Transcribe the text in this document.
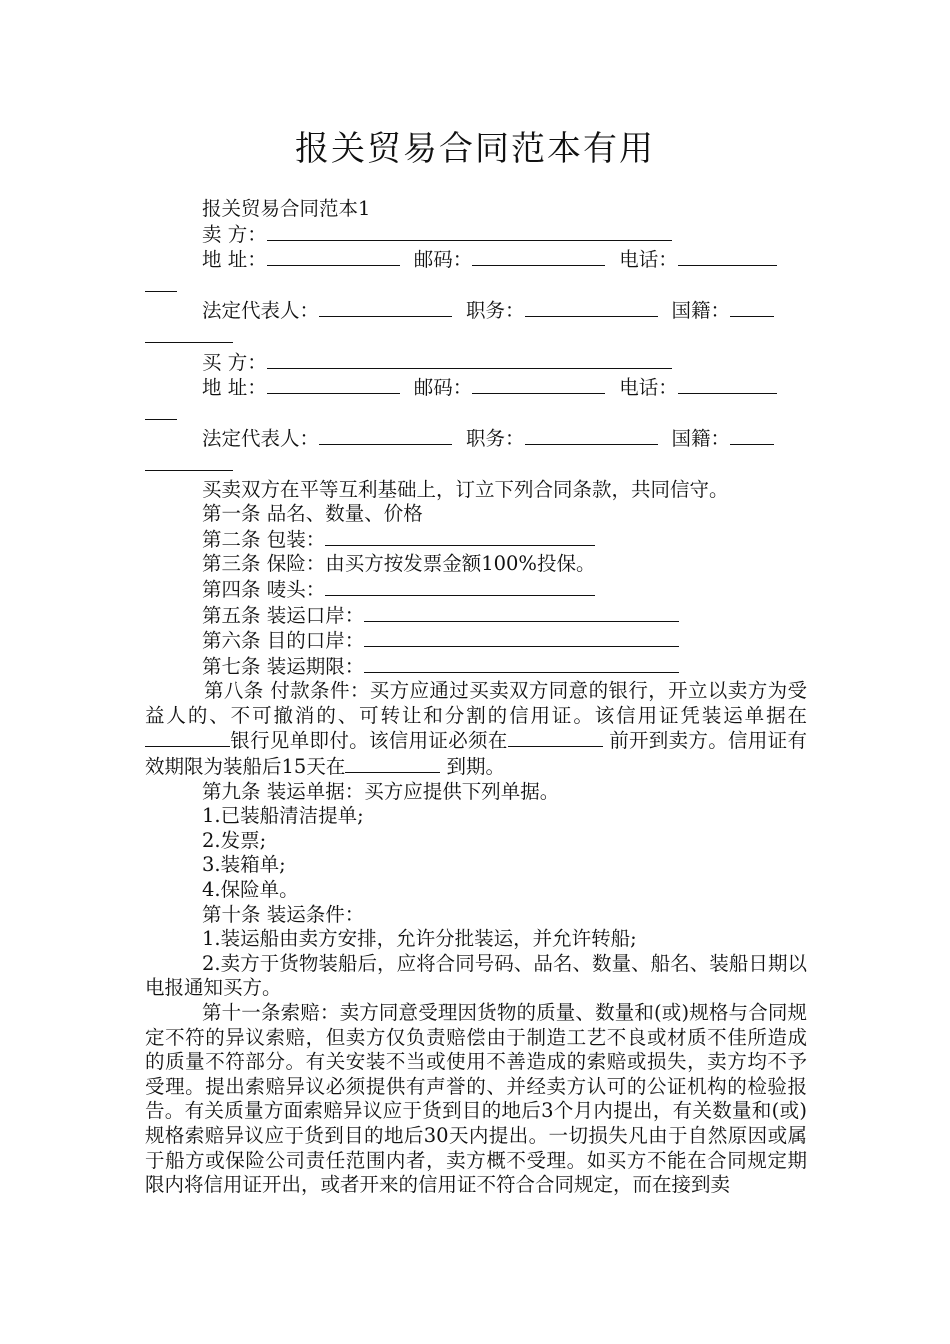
报关贸易合同范本有用
报关贸易合同范本1
卖 方：
地 址：	邮码：	电话：
法定代表人：	职务：	国籍：
买 方：
地 址：	邮码：	电话：
法定代表人：	职务：	国籍：
买卖双方在平等互利基础上，订立下列合同条款，共同信守。
第一条 品名、数量、价格
第二条 包装：
第三条 保险：由买方按发票金额100%投保。
第四条 唛头：
第五条 装运口岸：
第六条 目的口岸：
第七条 装运期限：
第八条 付款条件：买方应通过买卖双方同意的银行，开立以卖方为受益人的、不可撤消的、可转让和分割的信用证。该信用证凭装运单据在银行见单即付。该信用证必须在	前开到卖方。信用证有效期限为装船后15天在	到期。
第九条 装运单据：买方应提供下列单据。
1.已装船清洁提单;
2.发票;
3.装箱单;
4.保险单。
第十条 装运条件：
1.装运船由卖方安排，允许分批装运，并允许转船;
2.卖方于货物装船后，应将合同号码、品名、数量、船名、装船日期以电报通知买方。
第十一条索赔：卖方同意受理因货物的质量、数量和(或)规格与合同规定不符的异议索赔，但卖方仅负责赔偿由于制造工艺不良或材质不佳所造成的质量不符部分。有关安装不当或使用不善造成的索赔或损失，卖方均不予受理。提出索赔异议必须提供有声誉的、并经卖方认可的公证机构的检验报告。有关质量方面索赔异议应于货到目的地后3个月内提出，有关数量和(或)规格索赔异议应于货到目的地后30天内提出。一切损失凡由于自然原因或属于船方或保险公司责任范围内者，卖方概不受理。如买方不能在合同规定期限内将信用证开出，或者开来的信用证不符合合同规定，而在接到卖
